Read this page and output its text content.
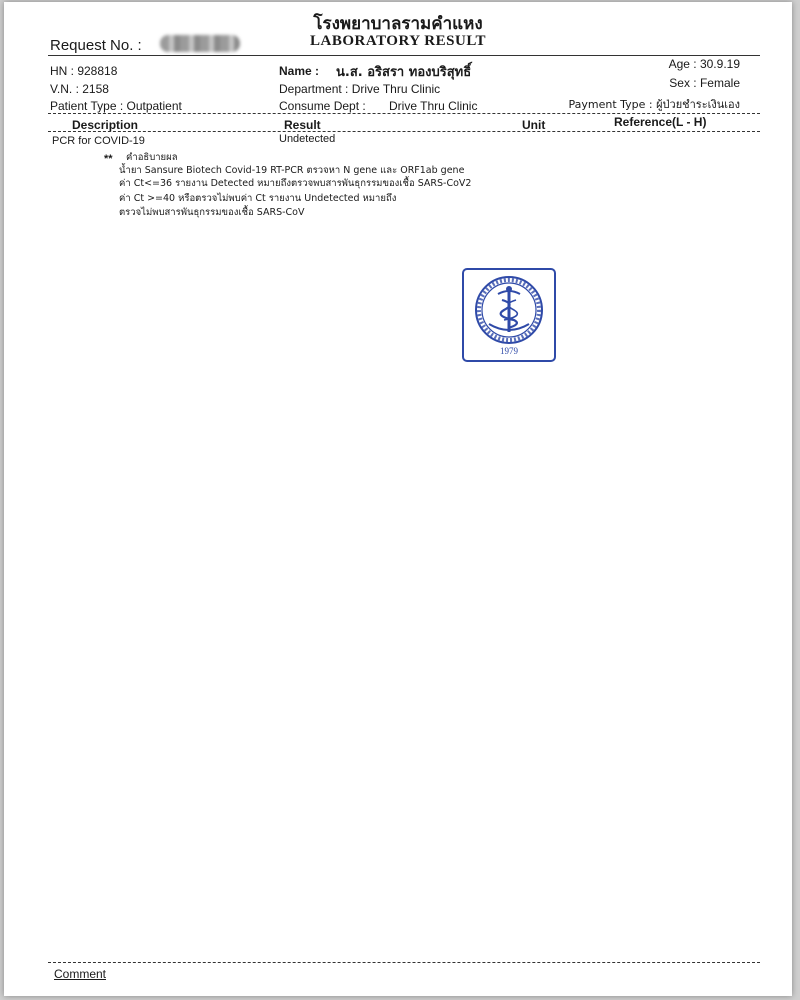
โรงพยาบาลรามคำแหง
LABORATORY RESULT
Request No. :
HN : 928818
V.N. : 2158
Patient Type : Outpatient
Name : น.ส. อริสรา ทองบริสุทธิ์
Department : Drive Thru Clinic
Consume Dept : Drive Thru Clinic
Age : 30.9.19
Sex : Female
Payment Type : ผู้ป่วยชำระเงินเอง
Description	Result	Unit	Reference(L - H)
PCR for COVID-19	Undetected
** คำอธิบายผล
น้ำยา Sansure Biotech Covid-19 RT-PCR ตรวจหา N gene และ ORF1ab gene
ค่า Ct<=36 รายงาน Detected หมายถึงตรวจพบสารพันธุกรรมของเชื้อ SARS-CoV2
ค่า Ct >=40 หรือตรวจไม่พบค่า Ct รายงาน Undetected หมายถึง
ตรวจไม่พบสารพันธุกรรมของเชื้อ SARS-CoV
1979
Comment
